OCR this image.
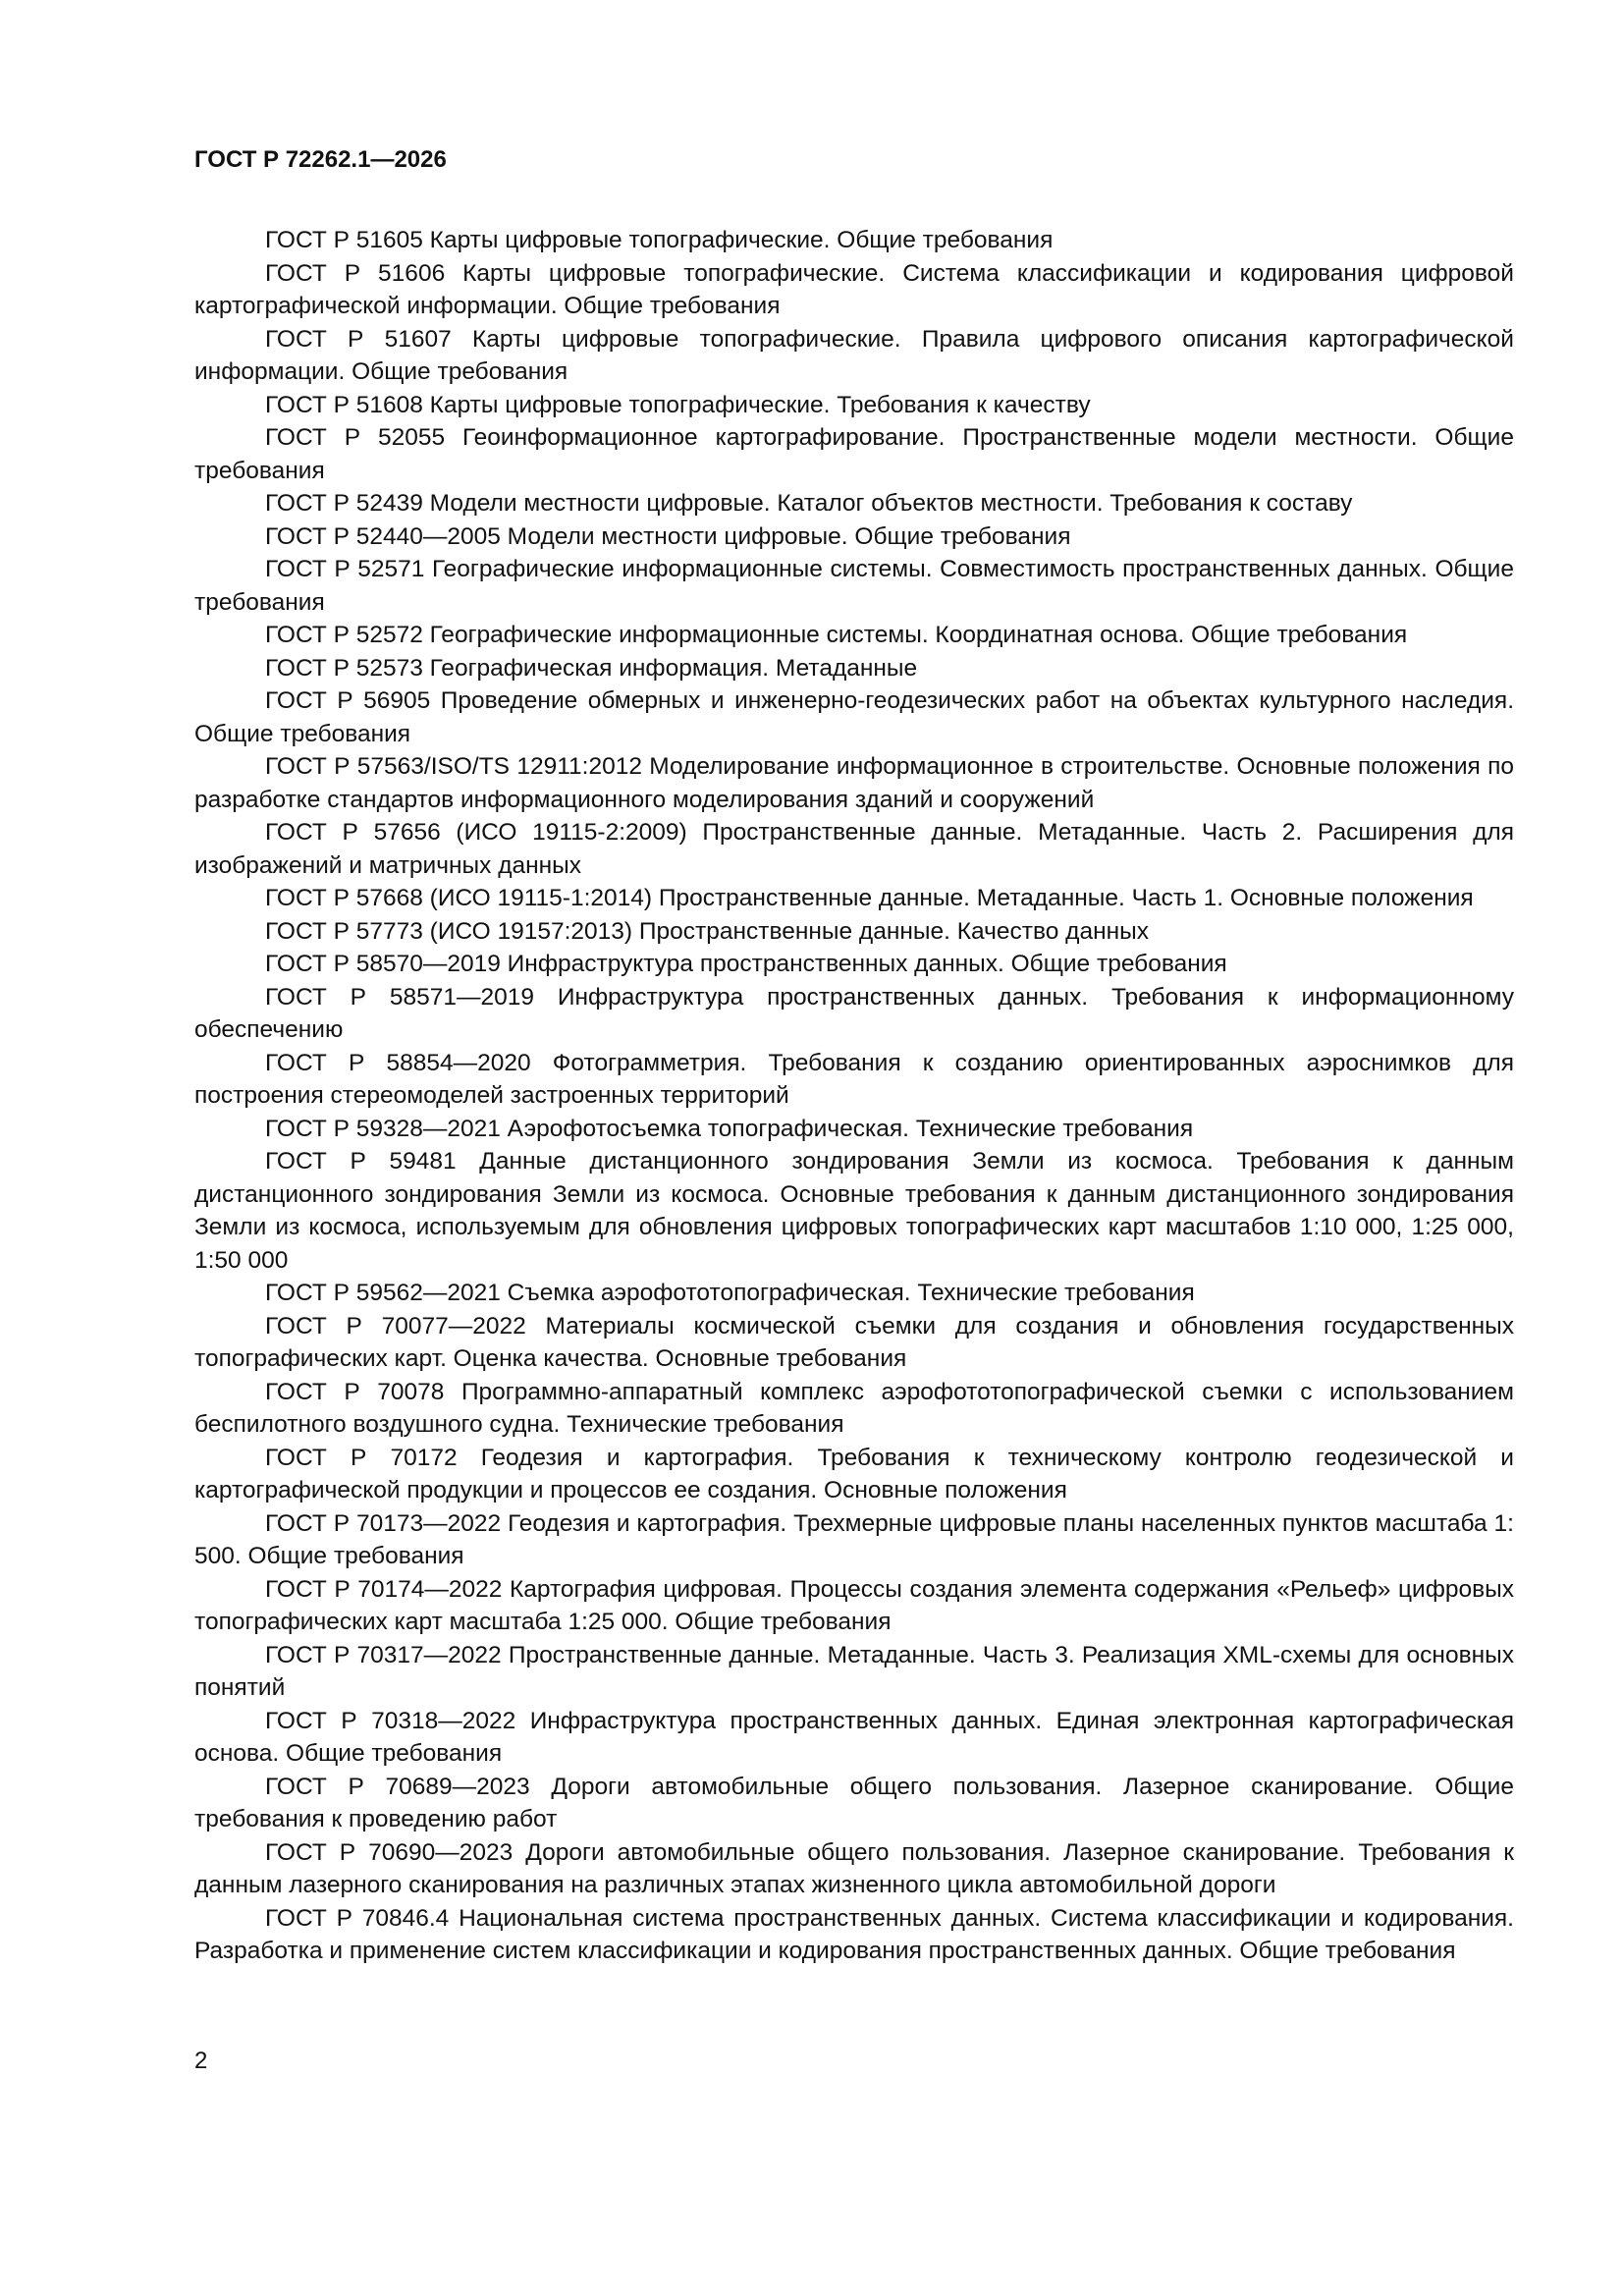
ГОСТ Р 72262.1—2026

ГОСТ Р 51605 Карты цифровые топографические. Общие требования

ГОСТ Р 51606 Карты цифровые топографические. Система классификации и кодирования цифровой картографической информации. Общие требования

ГОСТ Р 51607 Карты цифровые топографические. Правила цифрового описания картографической информации. Общие требования

ГОСТ Р 51608 Карты цифровые топографические. Требования к качеству

ГОСТ Р 52055 Геоинформационное картографирование. Пространственные модели местности. Общие требования

ГОСТ Р 52439 Модели местности цифровые. Каталог объектов местности. Требования к составу

ГОСТ Р 52440—2005 Модели местности цифровые. Общие требования

ГОСТ Р 52571 Географические информационные системы. Совместимость пространственных данных. Общие требования

ГОСТ Р 52572 Географические информационные системы. Координатная основа. Общие требования

ГОСТ Р 52573 Географическая информация. Метаданные

ГОСТ Р 56905 Проведение обмерных и инженерно-геодезических работ на объектах культурного наследия. Общие требования

ГОСТ Р 57563/ISO/TS 12911:2012 Моделирование информационное в строительстве. Основные положения по разработке стандартов информационного моделирования зданий и сооружений

ГОСТ Р 57656 (ИСО 19115-2:2009) Пространственные данные. Метаданные. Часть 2. Расширения для изображений и матричных данных

ГОСТ Р 57668 (ИСО 19115-1:2014) Пространственные данные. Метаданные. Часть 1. Основные положения

ГОСТ Р 57773 (ИСО 19157:2013) Пространственные данные. Качество данных

ГОСТ Р 58570—2019 Инфраструктура пространственных данных. Общие требования

ГОСТ Р 58571—2019 Инфраструктура пространственных данных. Требования к информационному обеспечению

ГОСТ Р 58854—2020 Фотограмметрия. Требования к созданию ориентированных аэроснимков для построения стереомоделей застроенных территорий

ГОСТ Р 59328—2021 Аэрофотосъемка топографическая. Технические требования

ГОСТ Р 59481 Данные дистанционного зондирования Земли из космоса. Требования к данным дистанционного зондирования Земли из космоса. Основные требования к данным дистанционного зондирования Земли из космоса, используемым для обновления цифровых топографических карт масштабов 1:10 000, 1:25 000, 1:50 000

ГОСТ Р 59562—2021 Съемка аэрофототопографическая. Технические требования

ГОСТ Р 70077—2022 Материалы космической съемки для создания и обновления государственных топографических карт. Оценка качества. Основные требования

ГОСТ Р 70078 Программно-аппаратный комплекс аэрофототопографической съемки с использованием беспилотного воздушного судна. Технические требования

ГОСТ Р 70172 Геодезия и картография. Требования к техническому контролю геодезической и картографической продукции и процессов ее создания. Основные положения

ГОСТ Р 70173—2022 Геодезия и картография. Трехмерные цифровые планы населенных пунктов масштаба 1: 500. Общие требования

ГОСТ Р 70174—2022 Картография цифровая. Процессы создания элемента содержания «Рельеф» цифровых топографических карт масштаба 1:25 000. Общие требования

ГОСТ Р 70317—2022 Пространственные данные. Метаданные. Часть 3. Реализация XML-схемы для основных понятий

ГОСТ Р 70318—2022 Инфраструктура пространственных данных. Единая электронная картографическая основа. Общие требования

ГОСТ Р 70689—2023 Дороги автомобильные общего пользования. Лазерное сканирование. Общие требования к проведению работ

ГОСТ Р 70690—2023 Дороги автомобильные общего пользования. Лазерное сканирование. Требования к данным лазерного сканирования на различных этапах жизненного цикла автомобильной дороги

ГОСТ Р 70846.4 Национальная система пространственных данных. Система классификации и кодирования. Разработка и применение систем классификации и кодирования пространственных данных. Общие требования

2
